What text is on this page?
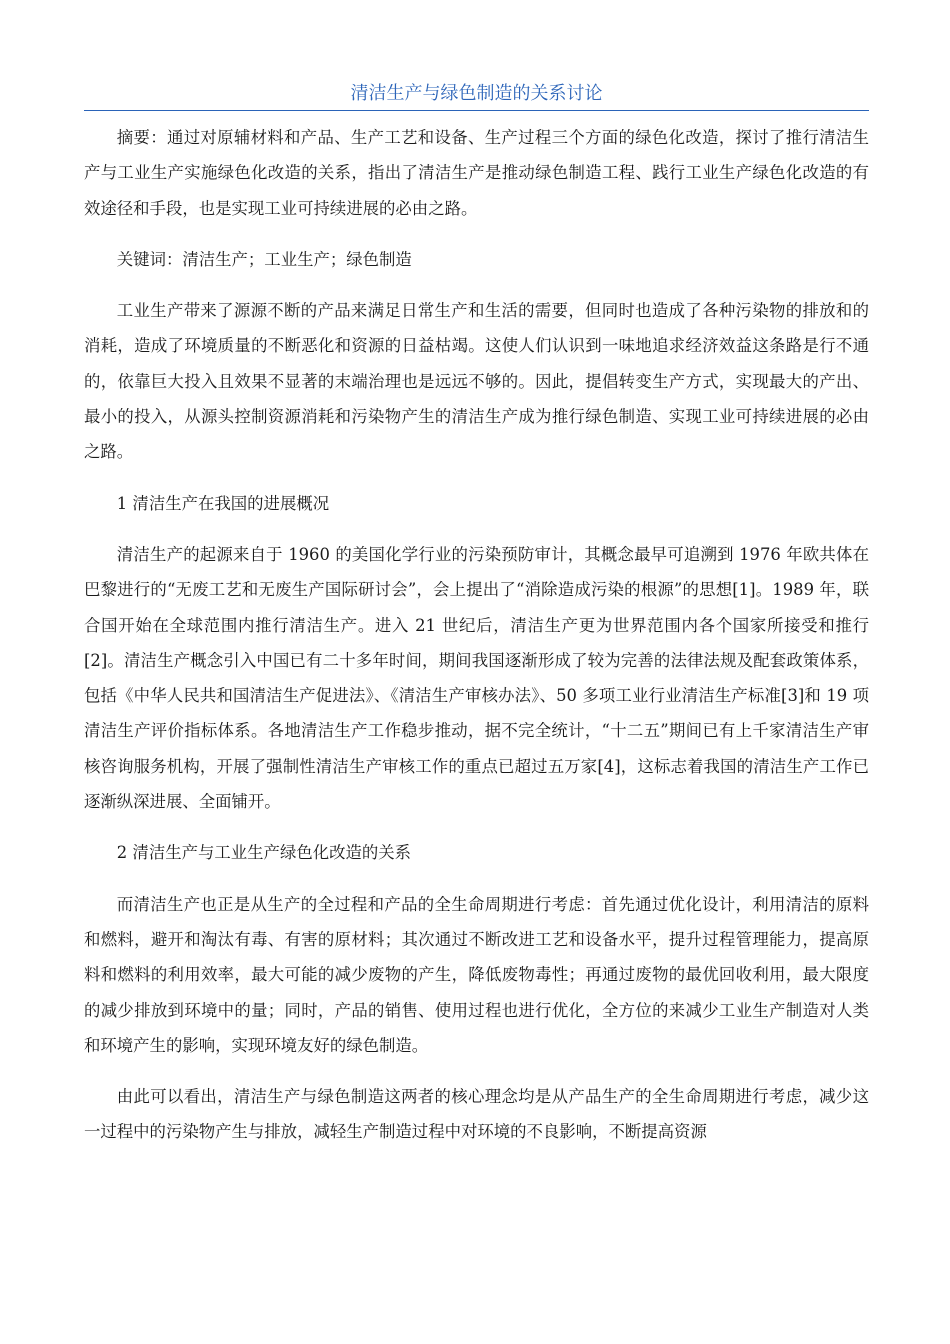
清洁生产与绿色制造的关系讨论

摘要：通过对原辅材料和产品、生产工艺和设备、生产过程三个方面的绿色化改造，探讨了推行清洁生产与工业生产实施绿色化改造的关系，指出了清洁生产是推动绿色制造工程、践行工业生产绿色化改造的有效途径和手段，也是实现工业可持续进展的必由之路。

关键词：清洁生产；工业生产；绿色制造

工业生产带来了源源不断的产品来满足日常生产和生活的需要，但同时也造成了各种污染物的排放和的消耗，造成了环境质量的不断恶化和资源的日益枯竭。这使人们认识到一味地追求经济效益这条路是行不通的，依靠巨大投入且效果不显著的末端治理也是远远不够的。因此，提倡转变生产方式，实现最大的产出、最小的投入，从源头控制资源消耗和污染物产生的清洁生产成为推行绿色制造、实现工业可持续进展的必由之路。

1 清洁生产在我国的进展概况

清洁生产的起源来自于 1960 的美国化学行业的污染预防审计，其概念最早可追溯到 1976 年欧共体在巴黎进行的“无废工艺和无废生产国际研讨会”，会上提出了“消除造成污染的根源”的思想[1]。1989 年，联合国开始在全球范围内推行清洁生产。进入 21 世纪后，清洁生产更为世界范围内各个国家所接受和推行[2]。清洁生产概念引入中国已有二十多年时间，期间我国逐渐形成了较为完善的法律法规及配套政策体系，包括《中华人民共和国清洁生产促进法》、《清洁生产审核办法》、50 多项工业行业清洁生产标准[3]和 19 项清洁生产评价指标体系。各地清洁生产工作稳步推动，据不完全统计，“十二五”期间已有上千家清洁生产审核咨询服务机构，开展了强制性清洁生产审核工作的重点已超过五万家[4]，这标志着我国的清洁生产工作已逐渐纵深进展、全面铺开。

2 清洁生产与工业生产绿色化改造的关系

而清洁生产也正是从生产的全过程和产品的全生命周期进行考虑：首先通过优化设计，利用清洁的原料和燃料，避开和淘汰有毒、有害的原材料；其次通过不断改进工艺和设备水平，提升过程管理能力，提高原料和燃料的利用效率，最大可能的减少废物的产生，降低废物毒性；再通过废物的最优回收利用，最大限度的减少排放到环境中的量；同时，产品的销售、使用过程也进行优化，全方位的来减少工业生产制造对人类和环境产生的影响，实现环境友好的绿色制造。

由此可以看出，清洁生产与绿色制造这两者的核心理念均是从产品生产的全生命周期进行考虑，减少这一过程中的污染物产生与排放，减轻生产制造过程中对环境的不良影响，不断提高资源
